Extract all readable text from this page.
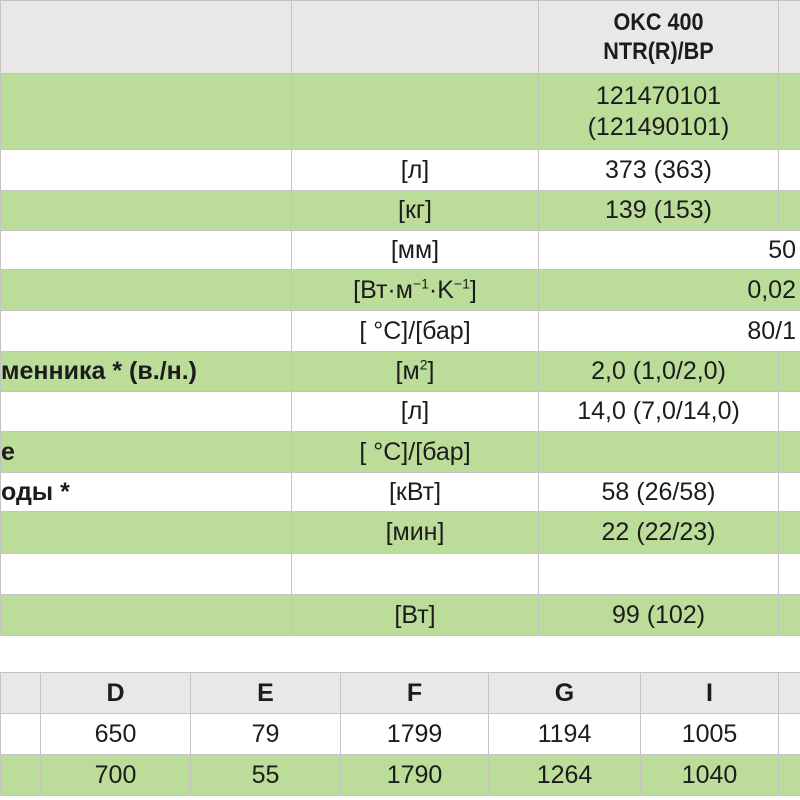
		OKC 400
NTR(R)/BP	

		121470101
(121490101)	

	[л]	373 (363)	
	[кг]	139 (153)	
	[мм]	50	
	$[Вт\cdot м^{-1}\cdot K^{-1}]$	0,02	
	[ °C]/[бар]	80/1	
менника * (в./н.)	$[м^2]$	2,0 (1,0/2,0)	
	[л]	14,0 (7,0/14,0)	
е	[ °C]/[бар]		
оды *	[кВт]	58 (26/58)	
	[мин]	22 (22/23)	

	[Вт]	99 (102)	
	D	E	F	G	I	
	650	79	1799	1194	1005	
	700	55	1790	1264	1040	
